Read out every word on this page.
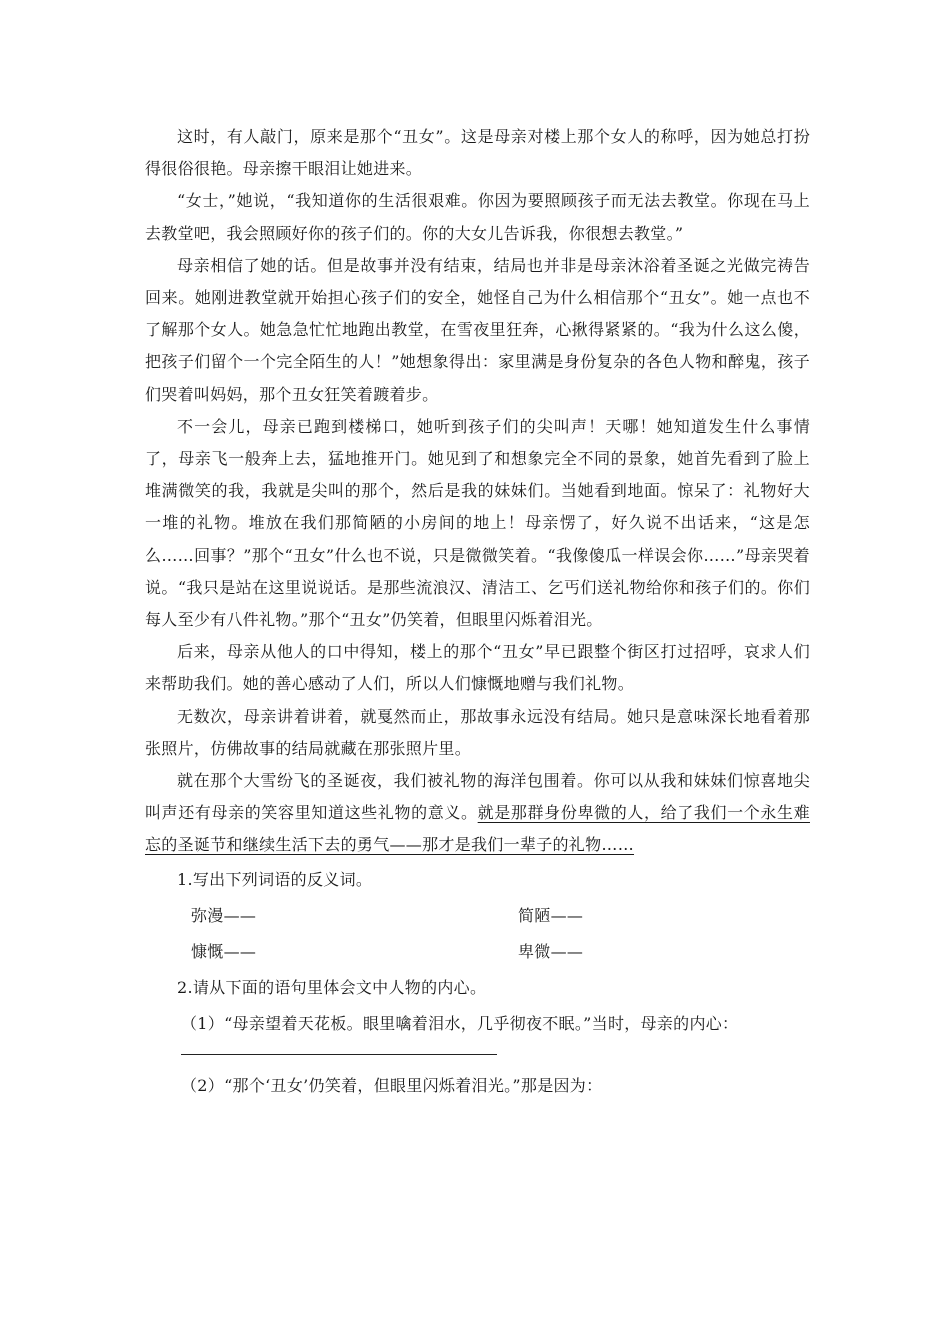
这时，有人敲门，原来是那个“丑女”。这是母亲对楼上那个女人的称呼，因为她总打扮得很俗很艳。母亲擦干眼泪让她进来。

“女士，”她说，“我知道你的生活很艰难。你因为要照顾孩子而无法去教堂。你现在马上去教堂吧，我会照顾好你的孩子们的。你的大女儿告诉我，你很想去教堂。”

母亲相信了她的话。但是故事并没有结束，结局也并非是母亲沐浴着圣诞之光做完祷告回来。她刚进教堂就开始担心孩子们的安全，她怪自己为什么相信那个“丑女”。她一点也不了解那个女人。她急急忙忙地跑出教堂，在雪夜里狂奔，心揪得紧紧的。“我为什么这么傻，把孩子们留个一个完全陌生的人！”她想象得出：家里满是身份复杂的各色人物和醉鬼，孩子们哭着叫妈妈，那个丑女狂笑着踱着步。

不一会儿，母亲已跑到楼梯口，她听到孩子们的尖叫声！天哪！她知道发生什么事情了，母亲飞一般奔上去，猛地推开门。她见到了和想象完全不同的景象，她首先看到了脸上堆满微笑的我，我就是尖叫的那个，然后是我的妹妹们。当她看到地面。惊呆了：礼物好大一堆的礼物。堆放在我们那简陋的小房间的地上！母亲愣了，好久说不出话来，“这是怎么……回事？”那个“丑女”什么也不说，只是微微笑着。“我像傻瓜一样误会你……”母亲哭着说。“我只是站在这里说说话。是那些流浪汉、清洁工、乞丐们送礼物给你和孩子们的。你们每人至少有八件礼物。”那个“丑女”仍笑着，但眼里闪烁着泪光。

后来，母亲从他人的口中得知，楼上的那个“丑女”早已跟整个街区打过招呼，哀求人们来帮助我们。她的善心感动了人们，所以人们慷慨地赠与我们礼物。

无数次，母亲讲着讲着，就戛然而止，那故事永远没有结局。她只是意味深长地看着那张照片，仿佛故事的结局就藏在那张照片里。

就在那个大雪纷飞的圣诞夜，我们被礼物的海洋包围着。你可以从我和妹妹们惊喜地尖叫声还有母亲的笑容里知道这些礼物的意义。就是那群身份卑微的人，给了我们一个永生难忘的圣诞节和继续生活下去的勇气——那才是我们一辈子的礼物……

1.写出下列词语的反义词。

弥漫——	简陋——
慷慨——	卑微——

2.请从下面的语句里体会文中人物的内心。

（1）“母亲望着天花板。眼里噙着泪水，几乎彻夜不眠。”当时，母亲的内心：

（2）“那个‘丑女’仍笑着，但眼里闪烁着泪光。”那是因为：
